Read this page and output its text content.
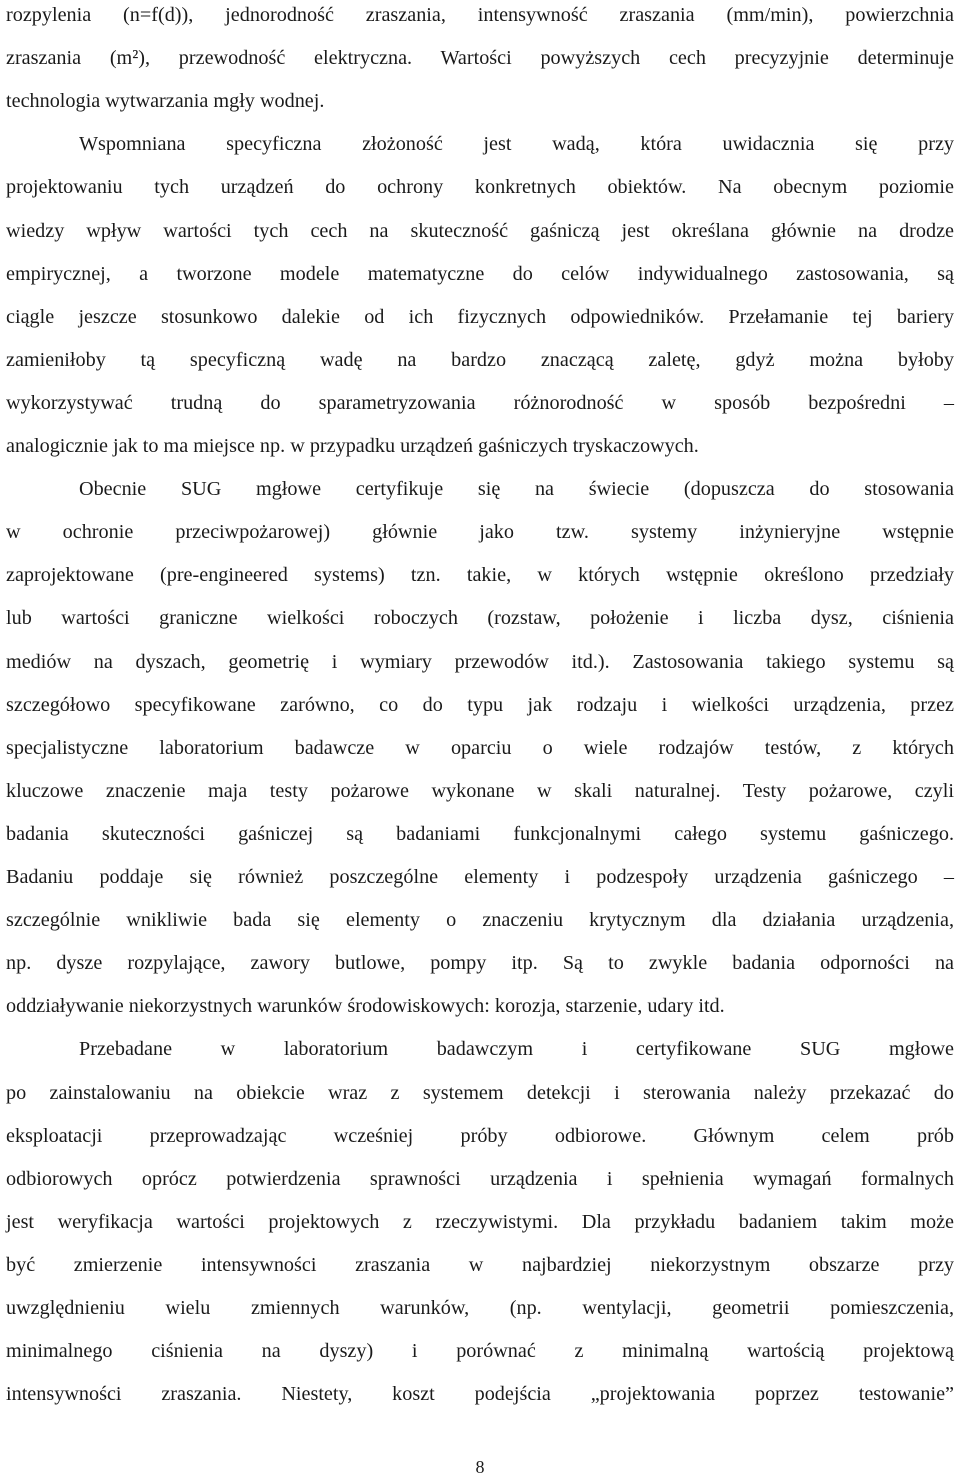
rozpylenia (n=f(d)), jednorodność zraszania, intensywność zraszania (mm/min), powierzchnia
zraszania (m²), przewodność elektryczna. Wartości powyższych cech precyzyjnie determinuje
technologia wytwarzania mgły wodnej.
Wspomniana specyficzna złożoność jest wadą, która uwidacznia się przy
projektowaniu tych urządzeń do ochrony konkretnych obiektów. Na obecnym poziomie
wiedzy wpływ wartości tych cech na skuteczność gaśniczą jest określana głównie na drodze
empirycznej, a tworzone modele matematyczne do celów indywidualnego zastosowania, są
ciągle jeszcze stosunkowo dalekie od ich fizycznych odpowiedników. Przełamanie tej bariery
zamieniłoby tą specyficzną wadę na bardzo znaczącą zaletę, gdyż można byłoby
wykorzystywać trudną do sparametryzowania różnorodność w sposób bezpośredni –
analogicznie jak to ma miejsce np. w przypadku urządzeń gaśniczych tryskaczowych.
Obecnie SUG mgłowe certyfikuje się na świecie (dopuszcza do stosowania
w ochronie przeciwpożarowej) głównie jako tzw. systemy inżynieryjne wstępnie
zaprojektowane (pre-engineered systems) tzn. takie, w których wstępnie określono przedziały
lub wartości graniczne wielkości roboczych (rozstaw, położenie i liczba dysz, ciśnienia
mediów na dyszach, geometrię i wymiary przewodów itd.). Zastosowania takiego systemu są
szczegółowo specyfikowane zarówno, co do typu jak rodzaju i wielkości urządzenia, przez
specjalistyczne laboratorium badawcze w oparciu o wiele rodzajów testów, z których
kluczowe znaczenie maja testy pożarowe wykonane w skali naturalnej. Testy pożarowe, czyli
badania skuteczności gaśniczej są badaniami funkcjonalnymi całego systemu gaśniczego.
Badaniu poddaje się również poszczególne elementy i podzespoły urządzenia gaśniczego –
szczególnie wnikliwie bada się elementy o znaczeniu krytycznym dla działania urządzenia,
np. dysze rozpylające, zawory butlowe, pompy itp. Są to zwykle badania odporności na
oddziaływanie niekorzystnych warunków środowiskowych: korozja, starzenie, udary itd.
Przebadane w laboratorium badawczym i certyfikowane SUG mgłowe
po zainstalowaniu na obiekcie wraz z systemem detekcji i sterowania należy przekazać do
eksploatacji przeprowadzając wcześniej próby odbiorowe. Głównym celem prób
odbiorowych oprócz potwierdzenia sprawności urządzenia i spełnienia wymagań formalnych
jest weryfikacja wartości projektowych z rzeczywistymi. Dla przykładu badaniem takim może
być zmierzenie intensywności zraszania w najbardziej niekorzystnym obszarze przy
uwzględnieniu wielu zmiennych warunków, (np. wentylacji, geometrii pomieszczenia,
minimalnego ciśnienia na dyszy) i porównać z minimalną wartością projektową
intensywności zraszania. Niestety, koszt podejścia „projektowania poprzez testowanie”
8
